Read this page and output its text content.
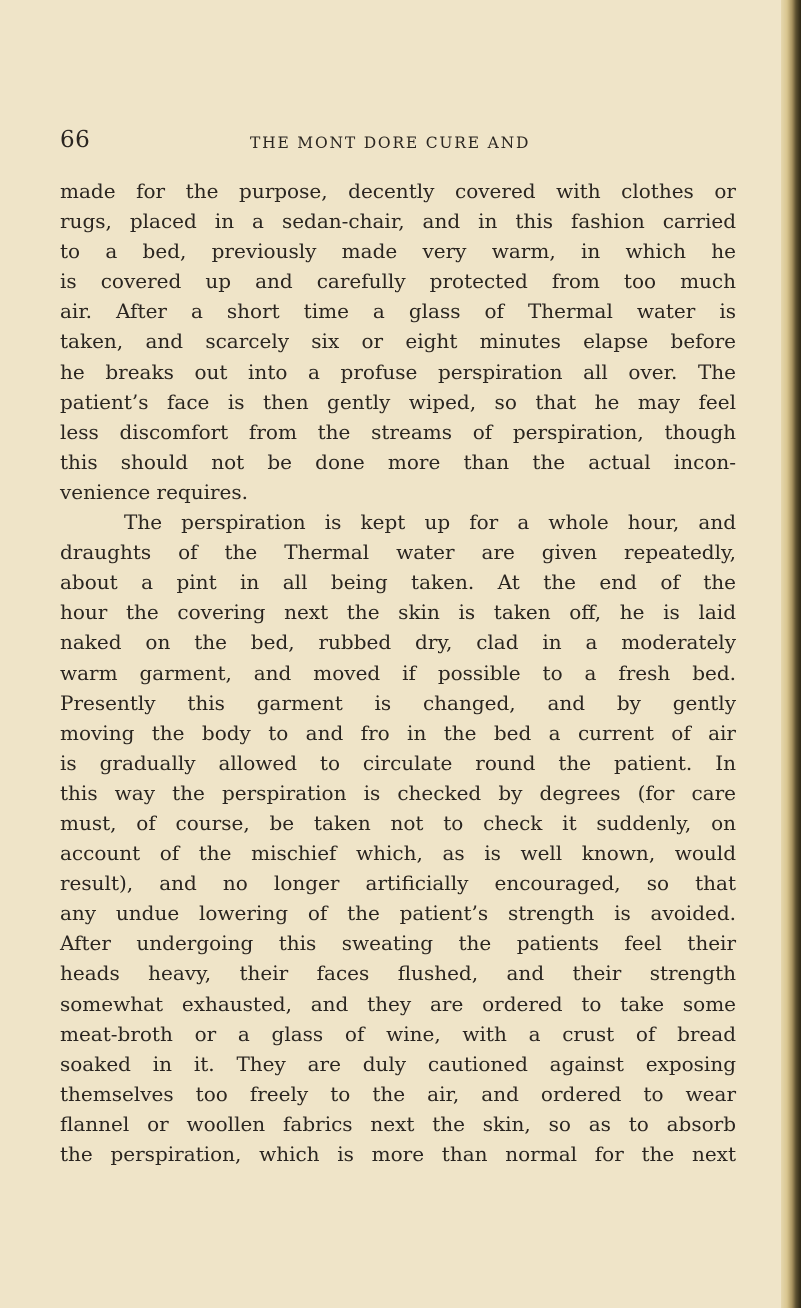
66	THE MONT DORE CURE AND
made for the purpose, decently covered with clothes or
rugs, placed in a sedan-chair, and in this fashion carried
to a bed, previously made very warm, in which he
is covered up and carefully protected from too much
air. After a short time a glass of Thermal water is
taken, and scarcely six or eight minutes elapse before
he breaks out into a profuse perspiration all over. The
patient’s face is then gently wiped, so that he may feel
less discomfort from the streams of perspiration, though
this should not be done more than the actual incon-
venience requires.
The perspiration is kept up for a whole hour, and
draughts of the Thermal water are given repeatedly,
about a pint in all being taken. At the end of the
hour the covering next the skin is taken off, he is laid
naked on the bed, rubbed dry, clad in a moderately
warm garment, and moved if possible to a fresh bed.
Presently this garment is changed, and by gently
moving the body to and fro in the bed a current of air
is gradually allowed to circulate round the patient. In
this way the perspiration is checked by degrees (for care
must, of course, be taken not to check it suddenly, on
account of the mischief which, as is well known, would
result), and no longer artificially encouraged, so that
any undue lowering of the patient’s strength is avoided.
After undergoing this sweating the patients feel their
heads heavy, their faces flushed, and their strength
somewhat exhausted, and they are ordered to take some
meat-broth or a glass of wine, with a crust of bread
soaked in it. They are duly cautioned against exposing
themselves too freely to the air, and ordered to wear
flannel or woollen fabrics next the skin, so as to absorb
the perspiration, which is more than normal for the next
